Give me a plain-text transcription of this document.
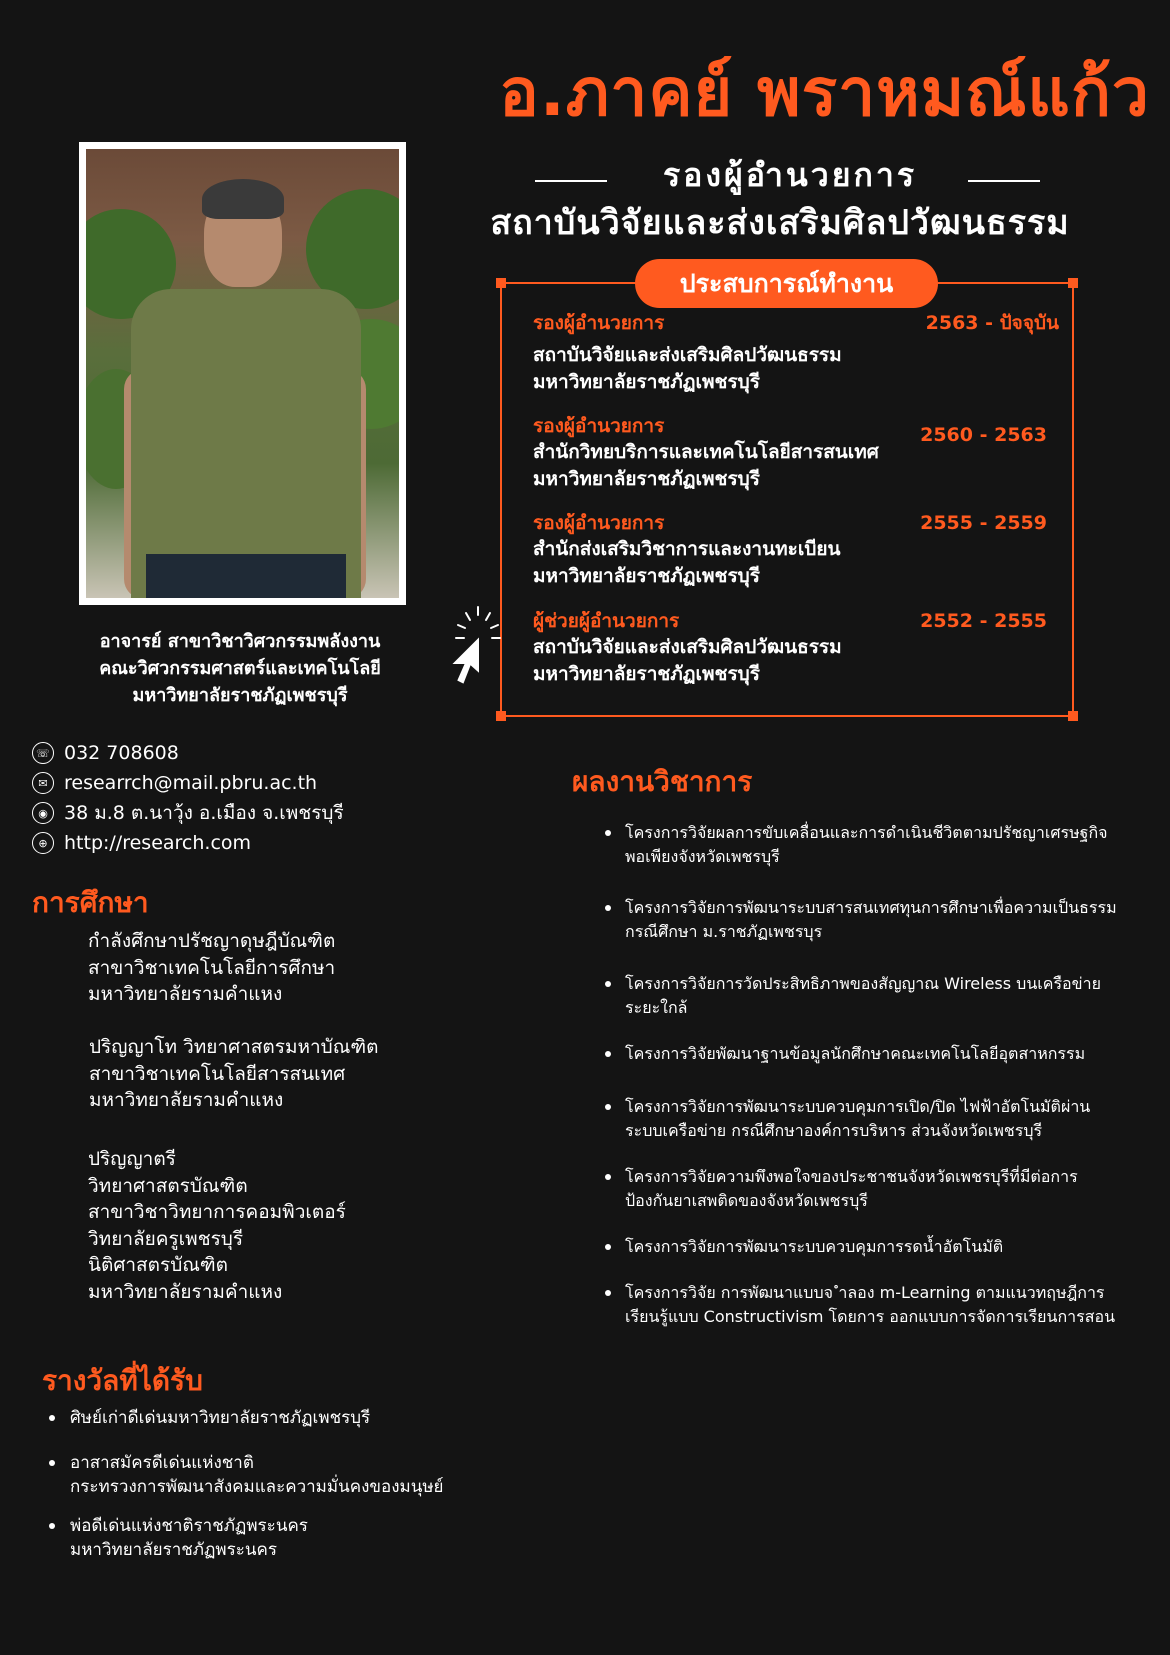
อ.ภาคย์ พราหมณ์แก้ว
รองผู้อำนวยการ
สถาบันวิจัยและส่งเสริมศิลปวัฒนธรรม
ประสบการณ์ทำงาน
รองผู้อำนวยการ	2563 - ปัจจุบัน
สถาบันวิจัยและส่งเสริมศิลปวัฒนธรรม
มหาวิทยาลัยราชภัฏเพชรบุรี
รองผู้อำนวยการ	2560 - 2563
สำนักวิทยบริการและเทคโนโลยีสารสนเทศ
มหาวิทยาลัยราชภัฏเพชรบุรี
รองผู้อำนวยการ	2555 - 2559
สำนักส่งเสริมวิชาการและงานทะเบียน
มหาวิทยาลัยราชภัฏเพชรบุรี
ผู้ช่วยผู้อำนวยการ	2552 - 2555
สถาบันวิจัยและส่งเสริมศิลปวัฒนธรรม
มหาวิทยาลัยราชภัฏเพชรบุรี
อาจารย์ สาขาวิชาวิศวกรรมพลังงาน
คณะวิศวกรรมศาสตร์และเทคโนโลยี
มหาวิทยาลัยราชภัฏเพชรบุรี
☏ 032 708608
✉ researrch@mail.pbru.ac.th
◉ 38 ม.8 ต.นาวุ้ง อ.เมือง จ.เพชรบุรี
⊕ http://research.com
การศึกษา
กำลังศึกษาปรัชญาดุษฎีบัณฑิต
สาขาวิชาเทคโนโลยีการศึกษา
มหาวิทยาลัยรามคำแหง
ปริญญาโท วิทยาศาสตรมหาบัณฑิต
สาขาวิชาเทคโนโลยีสารสนเทศ
มหาวิทยาลัยรามคำแหง
ปริญญาตรี
วิทยาศาสตรบัณฑิต
สาขาวิชาวิทยาการคอมพิวเตอร์
วิทยาลัยครูเพชรบุรี
นิติศาสตรบัณฑิต
มหาวิทยาลัยรามคำแหง
รางวัลที่ได้รับ
ศิษย์เก่าดีเด่นมหาวิทยาลัยราชภัฏเพชรบุรี
อาสาสมัครดีเด่นแห่งชาติ
กระทรวงการพัฒนาสังคมและความมั่นคงของมนุษย์
พ่อดีเด่นแห่งชาติราชภัฏพระนคร
มหาวิทยาลัยราชภัฏพระนคร
ผลงานวิชาการ
โครงการวิจัยผลการขับเคลื่อนและการดำเนินชีวิตตามปรัชญาเศรษฐกิจ
พอเพียงจังหวัดเพชรบุรี
โครงการวิจัยการพัฒนาระบบสารสนเทศทุนการศึกษาเพื่อความเป็นธรรม
กรณีศึกษา ม.ราชภัฏเพชรบุร
โครงการวิจัยการวัดประสิทธิภาพของสัญญาณ Wireless บนเครือข่าย
ระยะใกล้
โครงการวิจัยพัฒนาฐานข้อมูลนักศึกษาคณะเทคโนโลยีอุตสาหกรรม
โครงการวิจัยการพัฒนาระบบควบคุมการเปิด/ปิด ไฟฟ้าอัตโนมัติผ่าน
ระบบเครือข่าย กรณีศึกษาองค์การบริหาร ส่วนจังหวัดเพชรบุรี
โครงการวิจัยความพึงพอใจของประชาชนจังหวัดเพชรบุรีที่มีต่อการ
ป้องกันยาเสพติดของจังหวัดเพชรบุรี
โครงการวิจัยการพัฒนาระบบควบคุมการรดน้ำอัตโนมัติ
โครงการวิจัย การพัฒนาแบบจ ำลอง m-Learning ตามแนวทฤษฎีการ
เรียนรู้แบบ Constructivism โดยการ ออกแบบการจัดการเรียนการสอน
